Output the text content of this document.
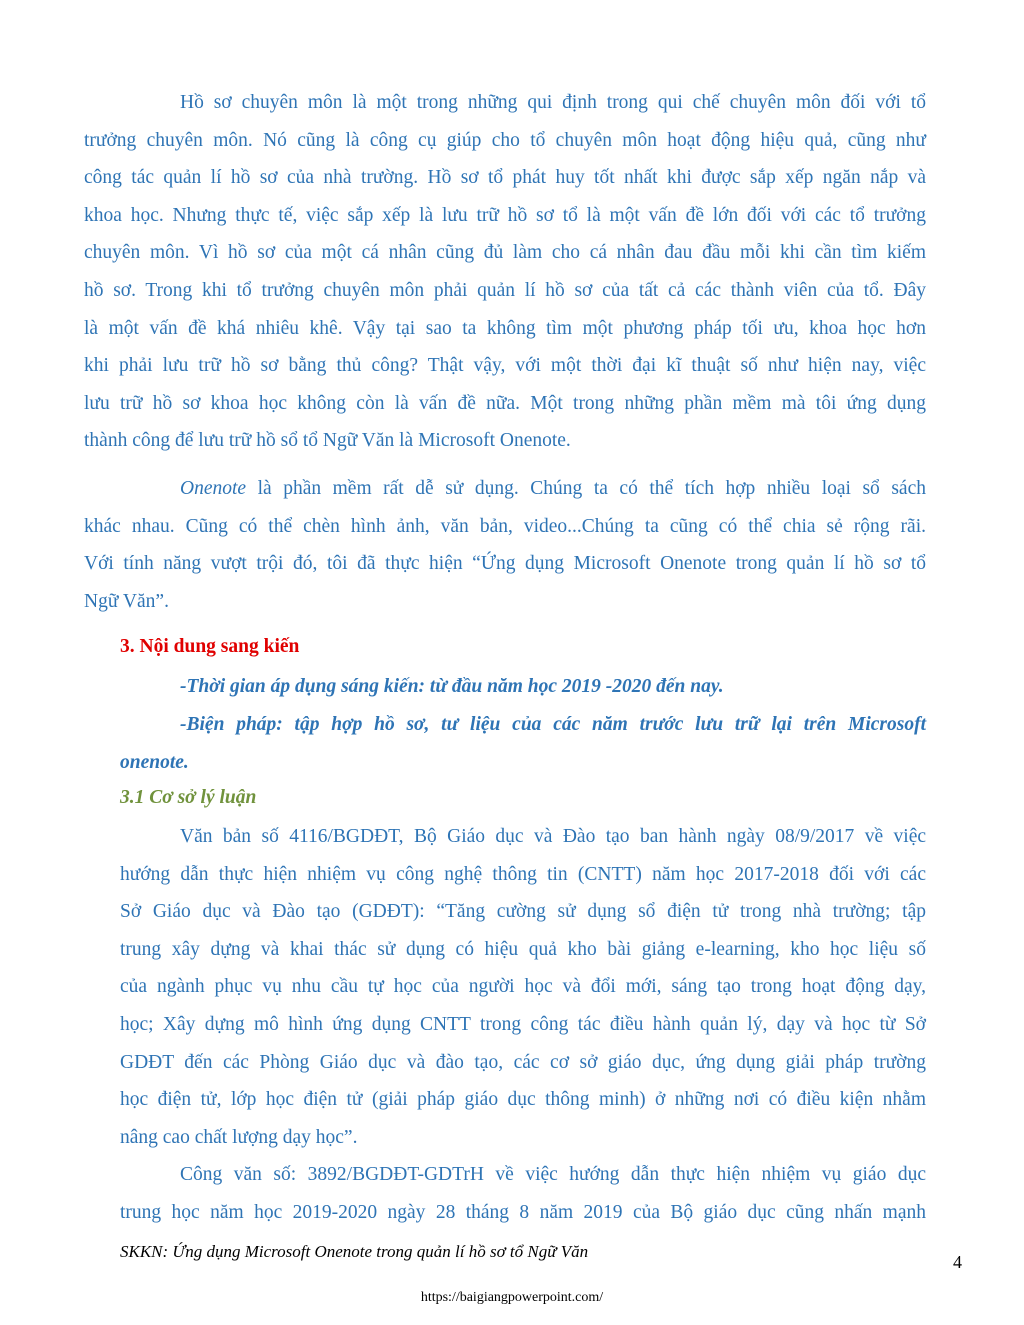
Hồ sơ chuyên môn là một trong những qui định trong qui chế chuyên môn đối với tổ
trưởng chuyên môn. Nó cũng là công cụ giúp cho tổ chuyên môn hoạt động hiệu quả, cũng như
công tác quản lí hồ sơ của nhà trường. Hồ sơ tổ phát huy tốt nhất khi được sắp xếp ngăn nắp và
khoa học. Nhưng thực tế, việc sắp xếp là lưu trữ hồ sơ tổ là một vấn đề lớn đối với các tổ trưởng
chuyên môn. Vì hồ sơ của một cá nhân cũng đủ làm cho cá nhân đau đầu mỗi khi cần tìm kiếm
hồ sơ. Trong khi tổ trưởng chuyên môn phải quản lí hồ sơ của tất cả các thành viên của tổ. Đây
là một vấn đề khá nhiêu khê. Vậy tại sao ta không tìm một phương pháp tối ưu, khoa học hơn
khi phải lưu trữ hồ sơ bằng thủ công? Thật vậy, với một thời đại kĩ thuật số như hiện nay, việc
lưu trữ hồ sơ khoa học không còn là vấn đề nữa. Một trong những phần mềm mà tôi ứng dụng
thành công để lưu trữ hồ sổ tổ Ngữ Văn là Microsoft Onenote.
Onenote là phần mềm rất dễ sử dụng. Chúng ta có thể tích hợp nhiều loại sổ sách
khác nhau. Cũng có thể chèn hình ảnh, văn bản, video...Chúng ta cũng có thể chia sẻ rộng rãi.
Với tính năng vượt trội đó, tôi đã thực hiện “Ứng dụng Microsoft Onenote trong quản lí hồ sơ tổ
Ngữ Văn”.
3. Nội dung sang kiến
-Thời gian áp dụng sáng kiến: từ đầu năm học 2019 -2020 đến nay.
-Biện pháp: tập hợp hồ sơ, tư liệu của các năm trước lưu trữ lại trên Microsoft
onenote.
3.1 Cơ sở lý luận
Văn bản số 4116/BGDĐT, Bộ Giáo dục và Đào tạo ban hành ngày 08/9/2017 về việc
hướng dẫn thực hiện nhiệm vụ công nghệ thông tin (CNTT) năm học 2017-2018 đối với các
Sở Giáo dục và Đào tạo (GDĐT): “Tăng cường sử dụng sổ điện tử trong nhà trường; tập
trung xây dựng và khai thác sử dụng có hiệu quả kho bài giảng e-learning, kho học liệu số
của ngành phục vụ nhu cầu tự học của người học và đổi mới, sáng tạo trong hoạt động dạy,
học; Xây dựng mô hình ứng dụng CNTT trong công tác điều hành quản lý, dạy và học từ Sở
GDĐT đến các Phòng Giáo dục và đào tạo, các cơ sở giáo dục, ứng dụng giải pháp trường
học điện tử, lớp học điện tử (giải pháp giáo dục thông minh) ở những nơi có điều kiện nhằm
nâng cao chất lượng dạy học”.
Công văn số: 3892/BGDĐT-GDTrH về việc hướng dẫn thực hiện nhiệm vụ giáo dục
trung học năm học 2019-2020 ngày 28 tháng 8 năm 2019 của Bộ giáo dục cũng nhấn mạnh
SKKN: Ứng dụng Microsoft Onenote trong quản lí hồ sơ tổ Ngữ Văn
4
https://baigiangpowerpoint.com/
